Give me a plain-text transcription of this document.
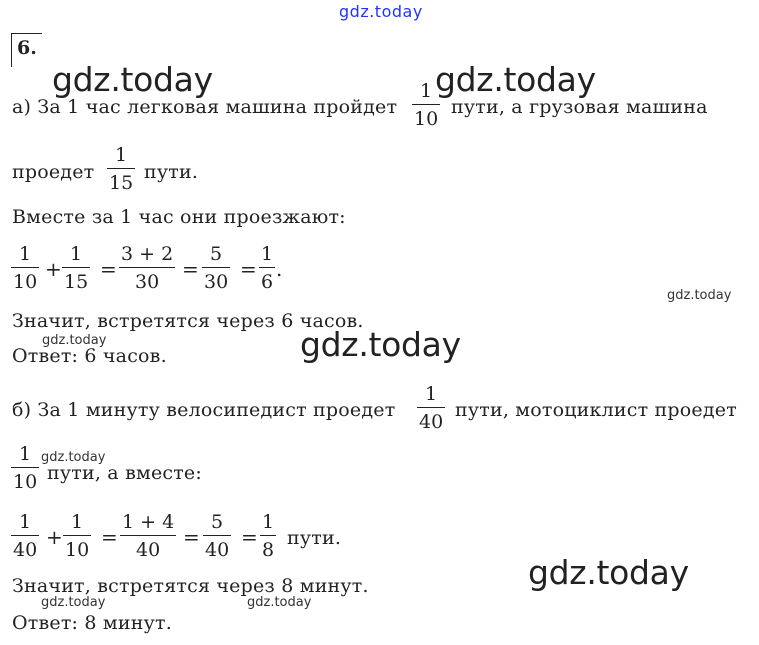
gdz.today
6.
gdz.today	gdz.today
gdz.today
gdz.today
gdz.today
gdz.today
gdz.today
gdz.today	gdz.today
а) За 1 час легковая машина пройдет
1
10
пути, а грузовая машина
проедет
1
15
пути.
Вместе за 1 час они проезжают:
1
10
+
1
15
=
3 + 2
30
=
5
30
=
1
6
.
Значит, встретятся через 6 часов.
Ответ: 6 часов.
б) За 1 минуту велосипедист проедет
1
40
пути, мотоциклист проедет
1
10 пути, а вместе:
1
40
+
1
10
=
1 + 4
40
=
5
40
=
1
8
пути.
Значит, встретятся через 8 минут.
Ответ: 8 минут.
